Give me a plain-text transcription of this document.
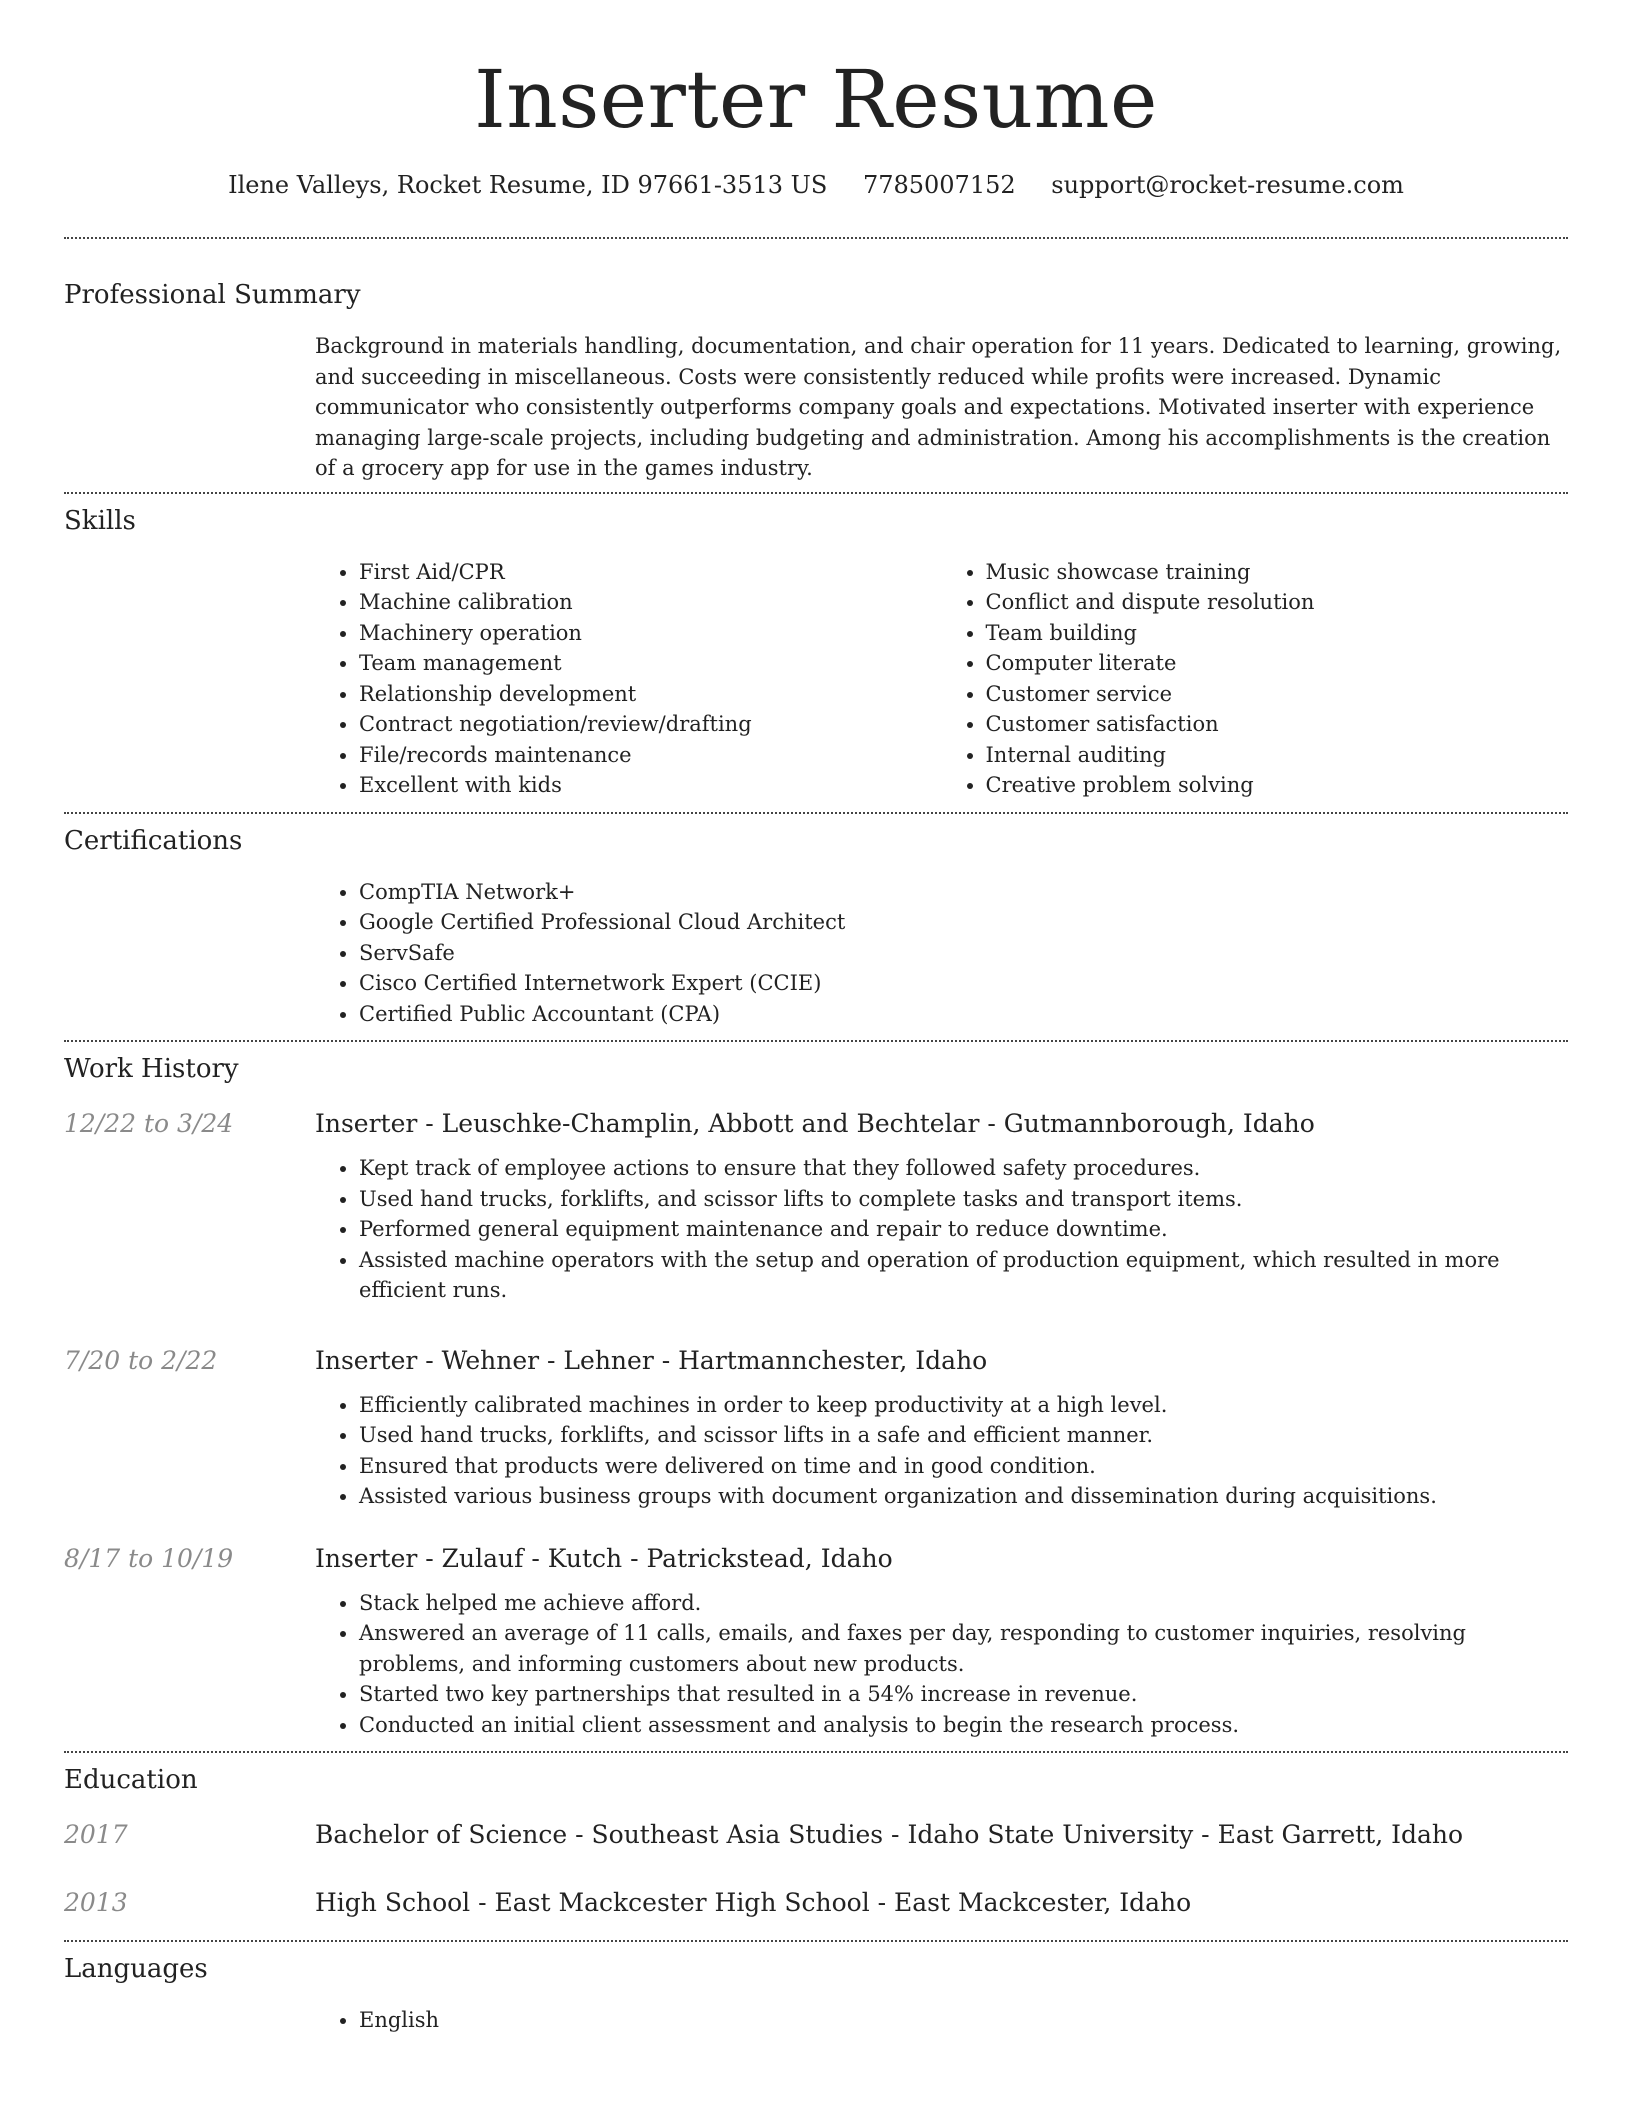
Inserter Resume
Ilene Valleys, Rocket Resume, ID 97661-3513 US 7785007152 support@rocket-resume.com
Professional Summary
Background in materials handling, documentation, and chair operation for 11 years. Dedicated to learning, growing, and succeeding in miscellaneous. Costs were consistently reduced while profits were increased. Dynamic communicator who consistently outperforms company goals and expectations. Motivated inserter with experience managing large-scale projects, including budgeting and administration. Among his accomplishments is the creation of a grocery app for use in the games industry.
Skills
• First Aid/CPR
• Machine calibration
• Machinery operation
• Team management
• Relationship development
• Contract negotiation/review/drafting
• File/records maintenance
• Excellent with kids
• Music showcase training
• Conflict and dispute resolution
• Team building
• Computer literate
• Customer service
• Customer satisfaction
• Internal auditing
• Creative problem solving
Certifications
• CompTIA Network+
• Google Certified Professional Cloud Architect
• ServSafe
• Cisco Certified Internetwork Expert (CCIE)
• Certified Public Accountant (CPA)
Work History
12/22 to 3/24	Inserter - Leuschke-Champlin, Abbott and Bechtelar - Gutmannborough, Idaho
• Kept track of employee actions to ensure that they followed safety procedures.
• Used hand trucks, forklifts, and scissor lifts to complete tasks and transport items.
• Performed general equipment maintenance and repair to reduce downtime.
• Assisted machine operators with the setup and operation of production equipment, which resulted in more efficient runs.
7/20 to 2/22	Inserter - Wehner - Lehner - Hartmannchester, Idaho
• Efficiently calibrated machines in order to keep productivity at a high level.
• Used hand trucks, forklifts, and scissor lifts in a safe and efficient manner.
• Ensured that products were delivered on time and in good condition.
• Assisted various business groups with document organization and dissemination during acquisitions.
8/17 to 10/19	Inserter - Zulauf - Kutch - Patrickstead, Idaho
• Stack helped me achieve afford.
• Answered an average of 11 calls, emails, and faxes per day, responding to customer inquiries, resolving problems, and informing customers about new products.
• Started two key partnerships that resulted in a 54% increase in revenue.
• Conducted an initial client assessment and analysis to begin the research process.
Education
2017	Bachelor of Science - Southeast Asia Studies - Idaho State University - East Garrett, Idaho
2013	High School - East Mackcester High School - East Mackcester, Idaho
Languages
• English
